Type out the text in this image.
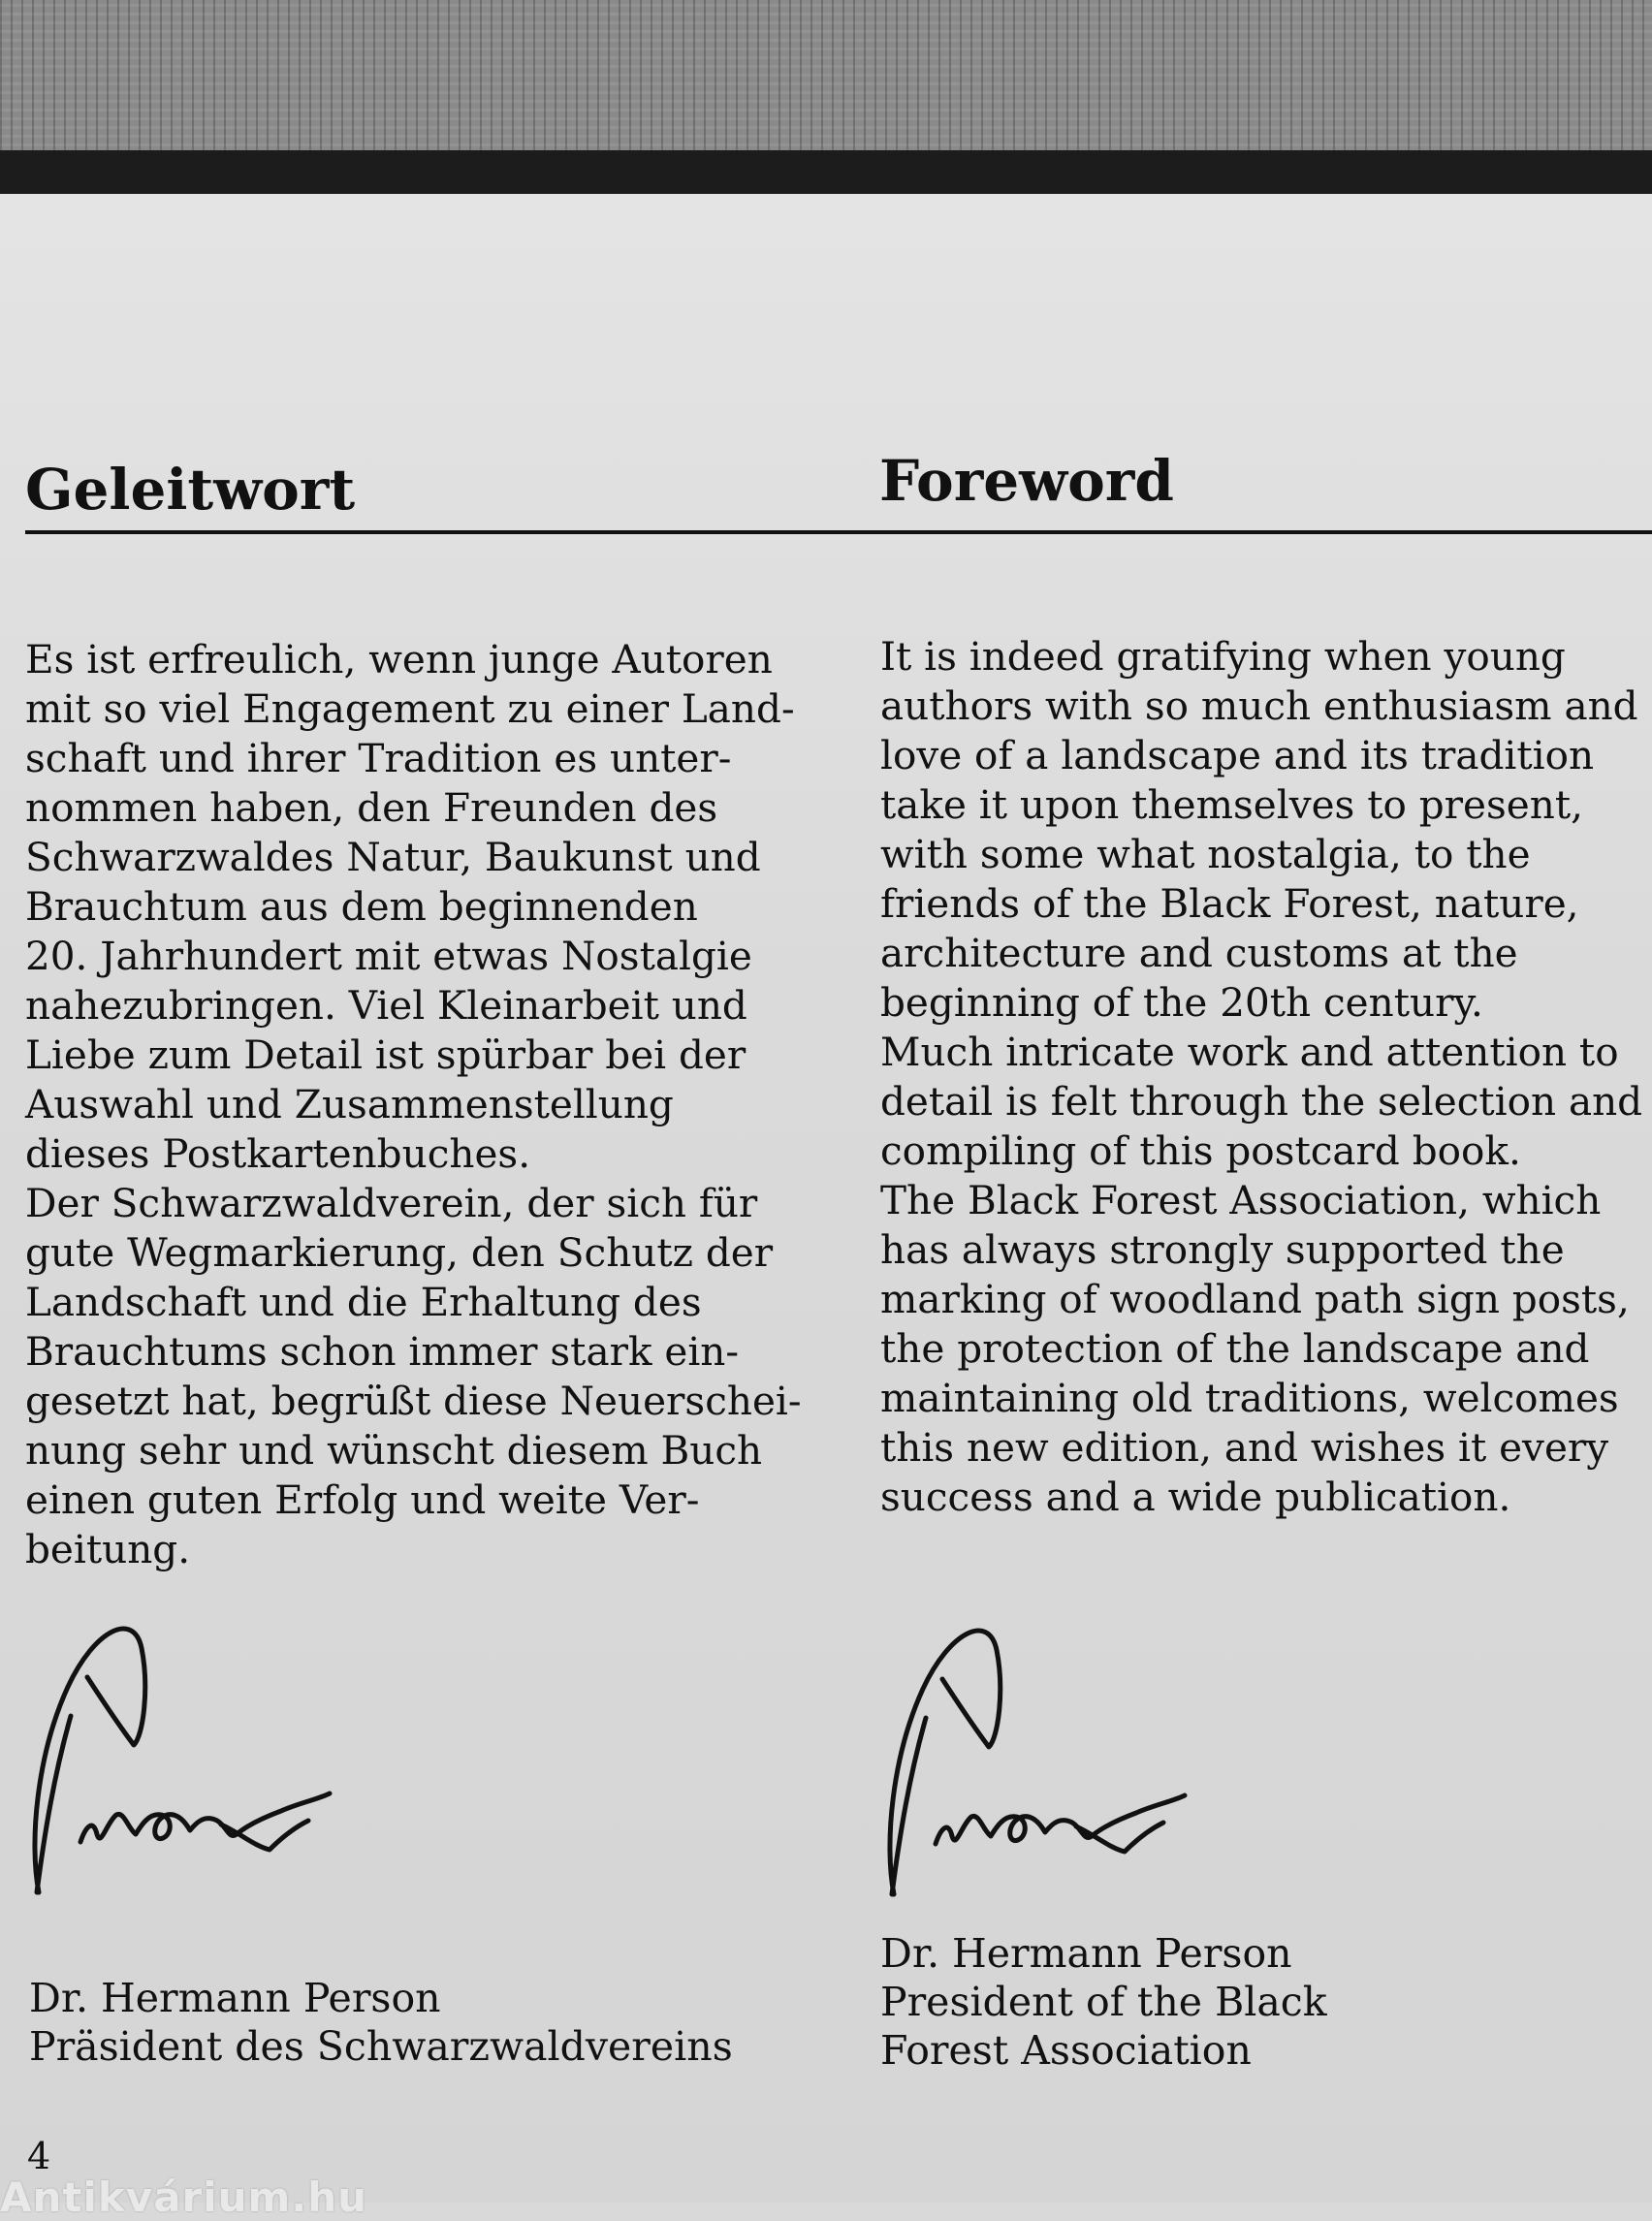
Geleitwort	Foreword

Es ist erfreulich, wenn junge Autoren
mit so viel Engagement zu einer Land-
schaft und ihrer Tradition es unter-
nommen haben, den Freunden des
Schwarzwaldes Natur, Baukunst und
Brauchtum aus dem beginnenden
20. Jahrhundert mit etwas Nostalgie
nahezubringen. Viel Kleinarbeit und
Liebe zum Detail ist spürbar bei der
Auswahl und Zusammenstellung
dieses Postkartenbuches.
Der Schwarzwaldverein, der sich für
gute Wegmarkierung, den Schutz der
Landschaft und die Erhaltung des
Brauchtums schon immer stark ein-
gesetzt hat, begrüßt diese Neuerschei-
nung sehr und wünscht diesem Buch
einen guten Erfolg und weite Ver-
beitung.

It is indeed gratifying when young
authors with so much enthusiasm and
love of a landscape and its tradition
take it upon themselves to present,
with some what nostalgia, to the
friends of the Black Forest, nature,
architecture and customs at the
beginning of the 20th century.
Much intricate work and attention to
detail is felt through the selection and
compiling of this postcard book.
The Black Forest Association, which
has always strongly supported the
marking of woodland path sign posts,
the protection of the landscape and
maintaining old traditions, welcomes
this new edition, and wishes it every
success and a wide publication.

Dr. Hermann Person
Präsident des Schwarzwaldvereins

Dr. Hermann Person
President of the Black
Forest Association

4

Antikvárium.hu
